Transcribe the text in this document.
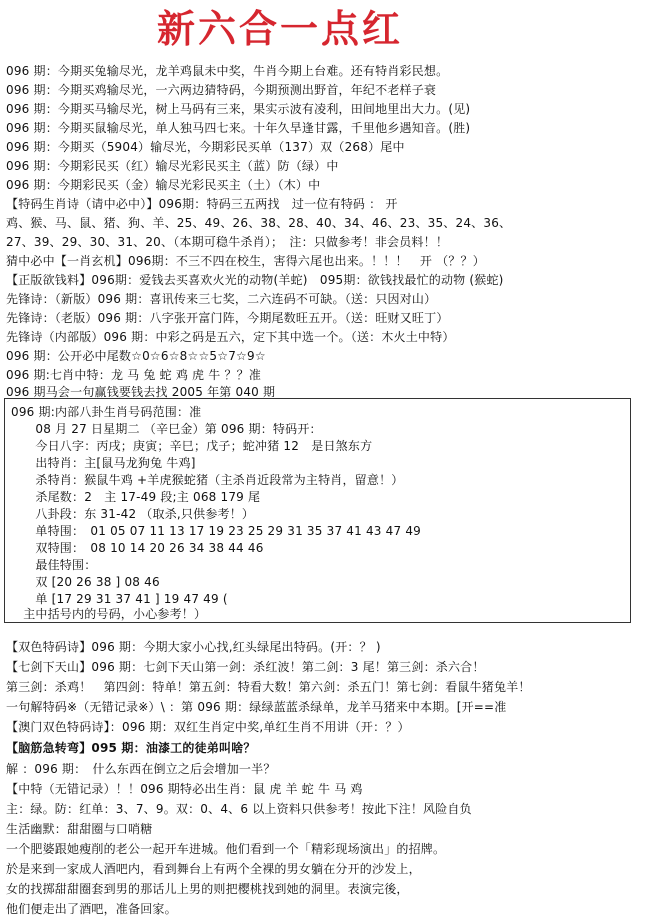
新六合一点红
096 期：今期买兔输尽光，龙羊鸡鼠未中奖，牛肖今期上台难。还有特肖彩民想。
096 期：今期买鸡输尽光，一六两边猜特码，今期预测出野首，年纪不老样子衰
096 期：今期买马输尽光，树上马码有三来，果实示波有凌利，田间地里出大力。(见)
096 期：今期买鼠输尽光，单人独马四七来。十年久旱逢甘露，千里他乡遇知音。(胜)
096 期：今期买（5904）输尽光，今期彩民买单（137）双（268）尾中
096 期：今期彩民买（红）输尽光彩民买主（蓝）防（绿）中
096 期：今期彩民买（金）输尽光彩民买主（土）（木）中
【特码生肖诗（请中必中）】096期：特码三五两找　过一位有特码 ： 开
鸡、猴、马、鼠、猪、狗、羊、25、49、26、38、28、40、34、46、23、35、24、36、
27、39、29、30、31、20、（本期可稳牛杀肖）；　注：只做参考！非会员料！！
猜中必中【一肖玄机】096期：不三不四在校生，害得六尾也出来。！！！　开 （？？）
【正版欲钱料】096期：爱钱去买喜欢火光的动物(羊蛇)　095期：欲钱找最忙的动物 (猴蛇)
先锋诗：（新版）096 期：喜讯传来三七奖，二六连码不可缺。（送：只因对山）
先锋诗：（老版）096 期：八字张开富门阵，今期尾数旺五开。（送：旺财又旺丁）
先锋诗（内部版）096 期：中彩之码是五六，定下其中选一个。（送：木火土中特）
096 期：公开必中尾数☆0☆6☆8☆☆5☆7☆9☆
096 期:七肖中特：龙 马 兔 蛇 鸡 虎 牛 ？？准
096 期马会一句赢钱要钱去找 2005 年第 040 期
096 期:内部八卦生肖号码范围：准
　　08 月 27 日星期二 （辛巳金）第 096 期：特码开：
　　今日八字：丙戌；庚寅；辛巳；戊子；蛇冲猪 12　是日煞东方
　　出特肖：主[鼠马龙狗兔 牛鸡]
　　杀特肖：猴鼠牛鸡 +羊虎猴蛇猪（主杀肖近段常为主特肖，留意！）
　　杀尾数：2　主 17-49 段;主 068 179 尾
　　八卦段：东 31-42 （取杀,只供参考！）
　　单特围：　01 05 07 11 13 17 19 23 25 29 31 35 37 41 43 47 49
　　双特围：　08 10 14 20 26 34 38 44 46
　　最佳特围：
　　双 [20 26 38 ] 08 46
　　单 [17 29 31 37 41 ] 19 47 49 (
　主中括号内的号码，小心参考！）
【双色特码诗】096 期：今期大家小心找,红头绿尾出特码。(开：？ )
【七剑下天山】096 期：七剑下天山第一剑：杀红波！第二剑：3 尾！第三剑：杀六合！
第三剑：杀鸡！　第四剑：特单！第五剑：特看大数！第六剑：杀五门！第七剑：看鼠牛猪兔羊！
一句解特码※（无错记录※）\ ：第 096 期：绿绿蓝蓝杀绿单，龙羊马猪来中本期。[开==准
【澳门双色特码诗】：096 期：双红生肖定中奖,单红生肖不用讲（开：？）
【脑筋急转弯】095 期：油漆工的徒弟叫啥？
解 ：096 期：　什么东西在倒立之后会增加一半？
【中特（无错记录）！！096 期特必出生肖：鼠 虎 羊 蛇 牛 马 鸡
主：绿。防：红单：3、7、9。双：0、4、6 以上资料只供参考！按此下注！风险自负
生活幽默：甜甜圈与口哨糖
一个肥婆跟她瘦削的老公一起开车进城。他们看到一个「精彩现场演出」的招牌。
於是来到一家成人酒吧内，看到舞台上有两个全裸的男女躺在分开的沙发上，
女的找掷甜甜圈套到男的那话儿上男的则把樱桃找到她的洞里。表演完後，
他们便走出了酒吧，准备回家。
